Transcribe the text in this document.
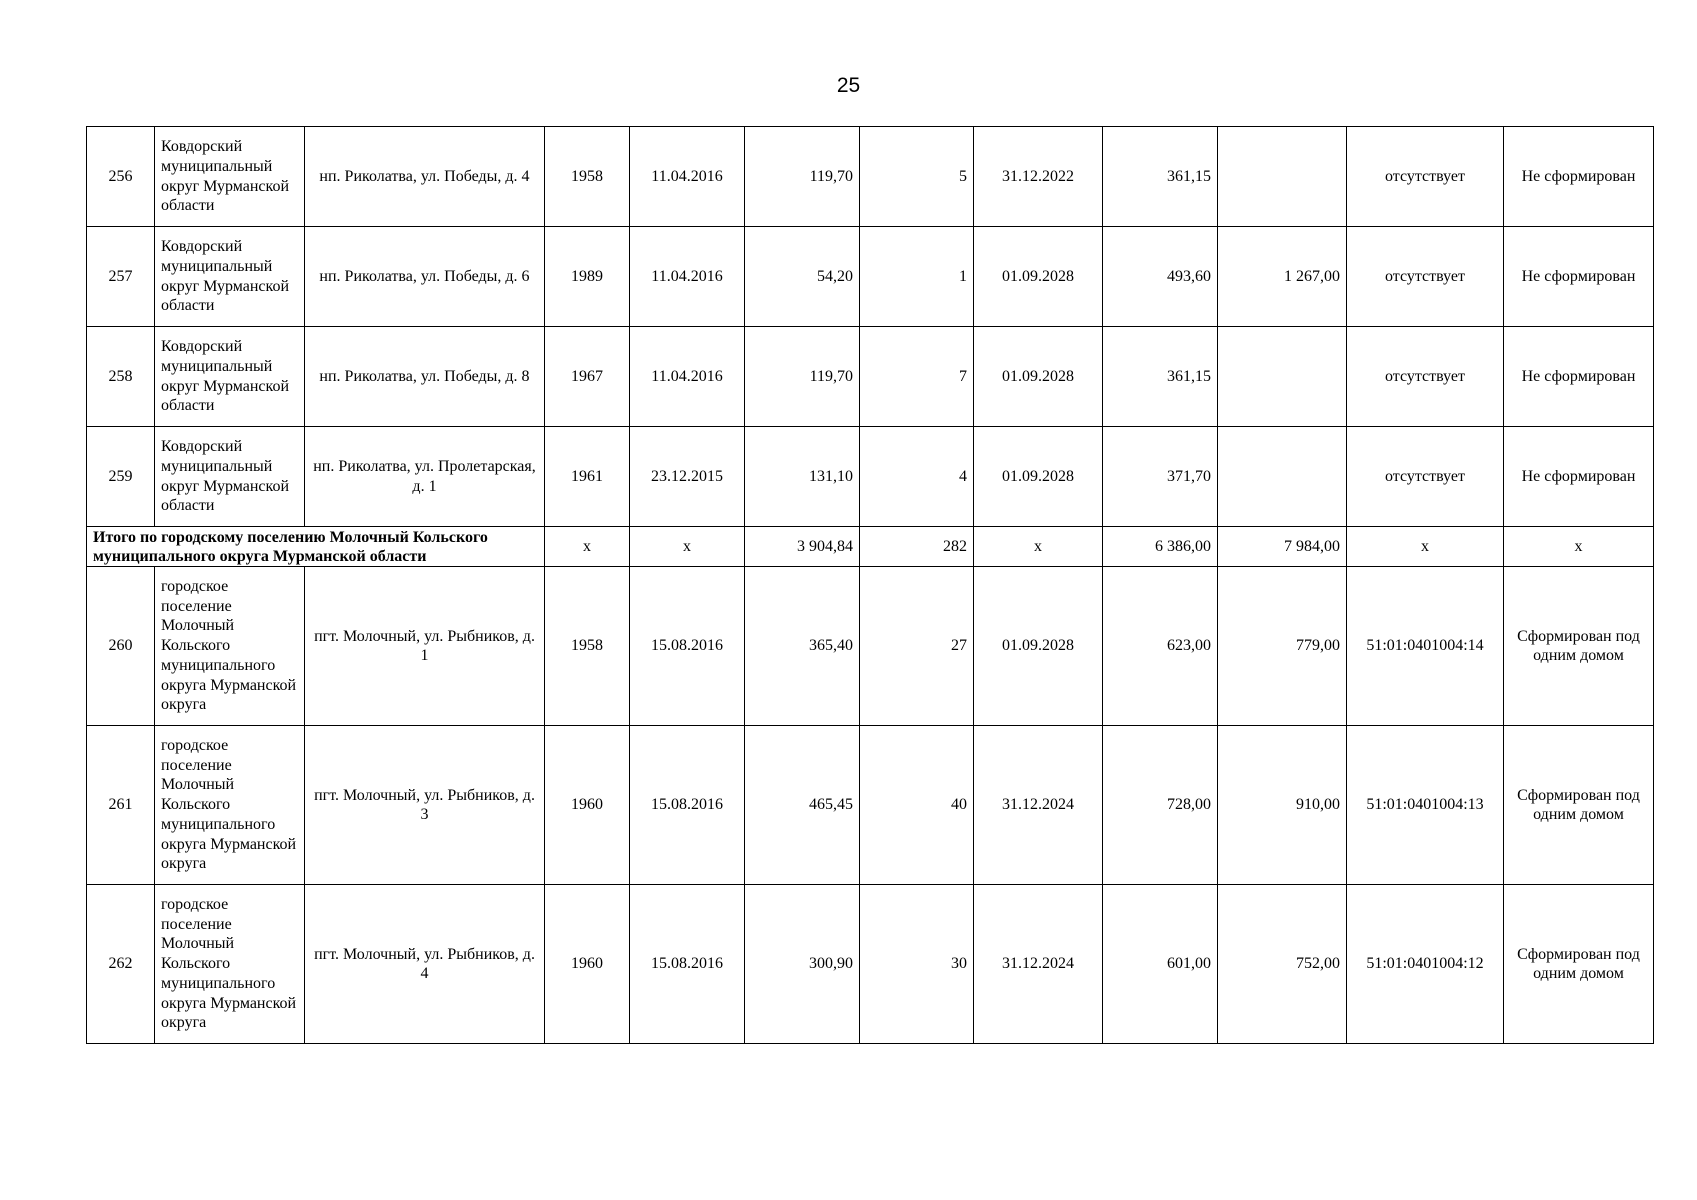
25
256	Ковдорский муниципальный округ Мурманской области	нп. Риколатва, ул. Победы, д. 4	1958	11.04.2016	119,70	5	31.12.2022	361,15		отсутствует	Не сформирован
257	Ковдорский муниципальный округ Мурманской области	нп. Риколатва, ул. Победы, д. 6	1989	11.04.2016	54,20	1	01.09.2028	493,60	1 267,00	отсутствует	Не сформирован
258	Ковдорский муниципальный округ Мурманской области	нп. Риколатва, ул. Победы, д. 8	1967	11.04.2016	119,70	7	01.09.2028	361,15		отсутствует	Не сформирован
259	Ковдорский муниципальный округ Мурманской области	нп. Риколатва, ул. Пролетарская, д. 1	1961	23.12.2015	131,10	4	01.09.2028	371,70		отсутствует	Не сформирован
Итого по городскому поселению Молочный Кольского муниципального округа Мурманской области			x	x	3 904,84	282	x	6 386,00	7 984,00	x	x
260	городское поселение Молочный Кольского муниципального округа Мурманской округа	пгт. Молочный, ул. Рыбников, д. 1	1958	15.08.2016	365,40	27	01.09.2028	623,00	779,00	51:01:0401004:14	Сформирован под одним домом
261	городское поселение Молочный Кольского муниципального округа Мурманской округа	пгт. Молочный, ул. Рыбников, д. 3	1960	15.08.2016	465,45	40	31.12.2024	728,00	910,00	51:01:0401004:13	Сформирован под одним домом
262	городское поселение Молочный Кольского муниципального округа Мурманской округа	пгт. Молочный, ул. Рыбников, д. 4	1960	15.08.2016	300,90	30	31.12.2024	601,00	752,00	51:01:0401004:12	Сформирован под одним домом
